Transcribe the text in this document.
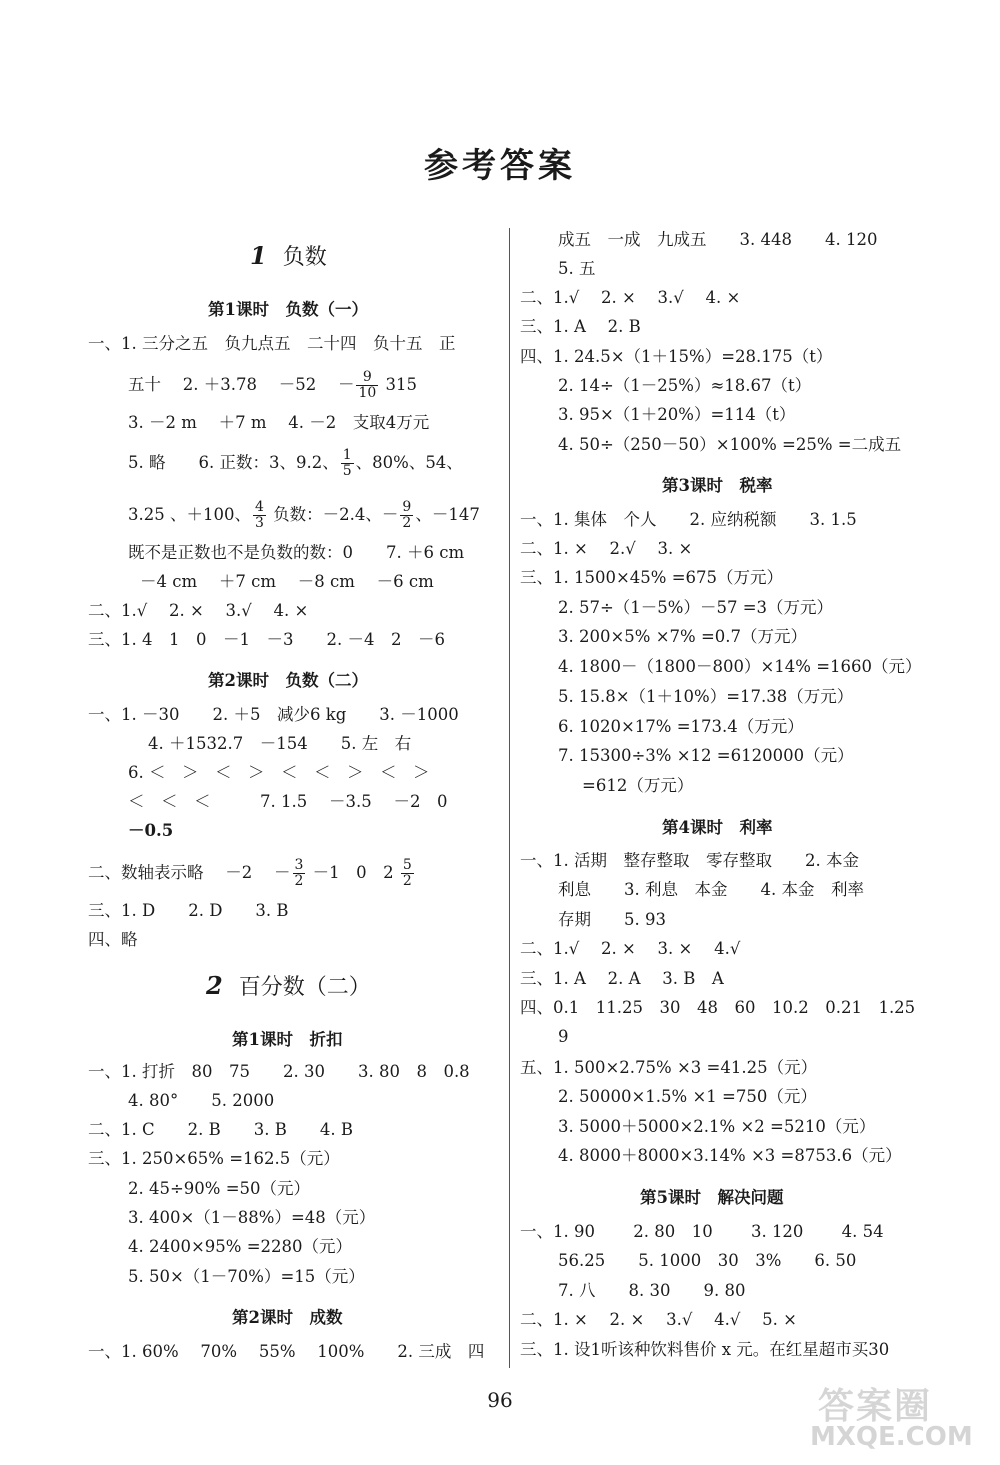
参考答案
1 负数
第1课时　负数（一）
一、1. 三分之五　负九点五　二十四　负十五　正
五十　 2. ＋3.78　 －52　 － $\frac{9}{10} 315$
3. －2 m　 ＋7 m　 4. －2　支取4万元
5. 略　　6. 正数：3、9.2、 $\frac{1}{5}$ 、80%、54、
3.25 、＋100、 $\frac{4}{3}$ 负数：－2.4、－ $\frac{9}{2}$ 、－147
既不是正数也不是负数的数：0　　7. ＋6 cm
－4 cm　 ＋7 cm　 －8 cm　 －6 cm
二、1.√　 2. ×　 3.√　 4. ×
三、1. 4　1　0　－1　－3　　2. －4　2　－6
第2课时　负数（二）
一、1. －30　　2. ＋5　减少6 kg　　3. －1000
4. ＋1532.7　－154　　5. 左　右
6. ＜　＞　＜　＞　＜　＜　＞　＜　＞
＜　＜　＜　　　7. 1.5　 －3.5　 －2　0
－0.5
二、数轴表示略　 －2　 － $\frac{3}{2} -1$　0　$2 \frac{5}{2}$
三、1. D　　2. D　　3. B
四、略
2 百分数（二）
第1课时　折扣
一、1. 打折　80　75　　2. 30　　3. 80　8　0.8
4. 80°　　5. 2000
二、1. C　　2. B　　3. B　　4. B
三、1. 250×65% =162.5（元）
2. 45÷90% =50（元）
3. 400×（1－88%）=48（元）
4. 2400×95% =2280（元）
5. 50×（1－70%）=15（元）
第2课时　成数
一、1. 60%　 70%　 55%　 100%　　2. 三成　四
成五　一成　九成五　　3. 448　　4. 120
5. 五
二、1.√　 2. ×　 3.√　 4. ×
三、1. A　 2. B
四、1. 24.5×（1＋15%）=28.175（t）
2. 14÷（1－25%）≈18.67（t）
3. 95×（1＋20%）=114（t）
4. 50÷（250－50）×100% =25% =二成五
第3课时　税率
一、1. 集体　个人　　2. 应纳税额　　3. 1.5
二、1. ×　 2.√　 3. ×
三、1. 1500×45% =675（万元）
2. 57÷（1－5%）－57 =3（万元）
3. 200×5% ×7% =0.7（万元）
4. 1800－（1800－800）×14% =1660（元）
5. 15.8×（1＋10%）=17.38（万元）
6. 1020×17% =173.4（万元）
7. 15300÷3% ×12 =6120000（元）
=612（万元）
第4课时　利率
一、1. 活期　整存整取　零存整取　　2. 本金
利息　　3. 利息　本金　　4. 本金　利率
存期　　5. 93
二、1.√　 2. ×　 3. ×　 4.√
三、1. A　 2. A　 3. B　A
四、0.1　11.25　30　48　60　10.2　0.21　1.25
9
五、1. 500×2.75% ×3 =41.25（元）
2. 50000×1.5% ×1 =750（元）
3. 5000＋5000×2.1% ×2 =5210（元）
4. 8000＋8000×3.14% ×3 =8753.6（元）
第5课时　解决问题
一、1. 90　　 2. 80　10　　 3. 120　　 4. 54
56.25　　5. 1000　30　3%　　6. 50
7. 八　　8. 30　　9. 80
二、1. ×　 2. ×　 3.√　 4.√　 5. ×
三、1. 设1听该种饮料售价 x 元。在红星超市买30
96	答案圈
MXQE.COM
